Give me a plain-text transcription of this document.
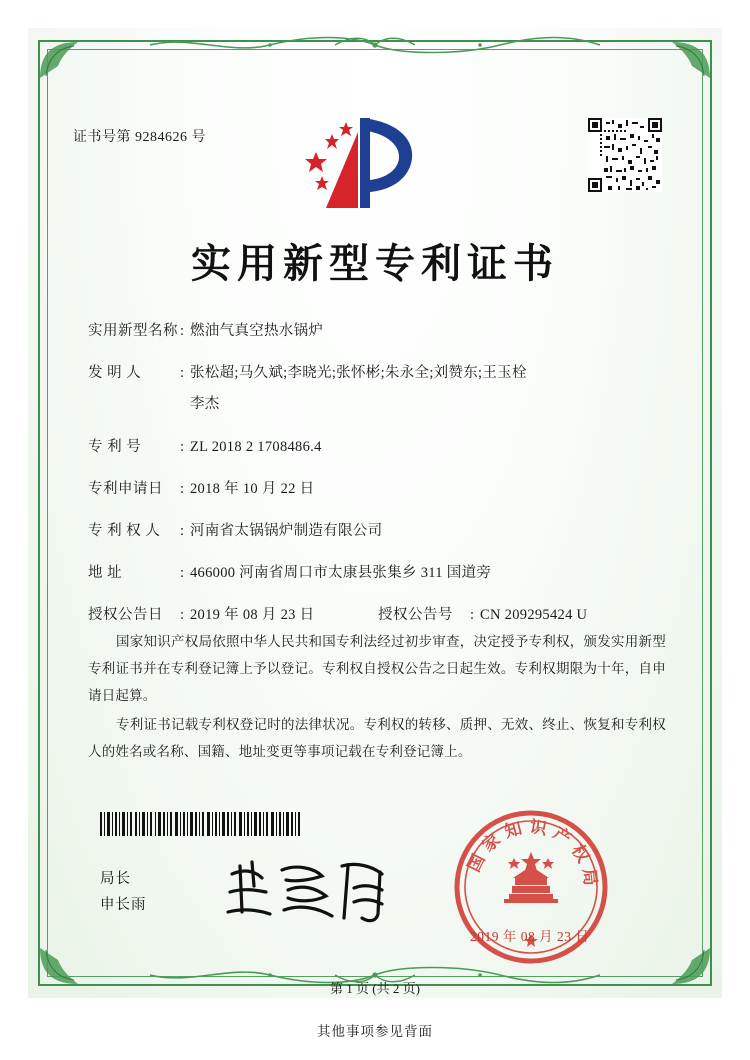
证书号第 9284626 号
实用新型专利证书
实用新型名称 : 燃油气真空热水锅炉
发 明 人	: 张松超;马久斌;李晓光;张怀彬;朱永全;刘赞东;王玉栓

李杰
专 利 号	: ZL 2018 2 1708486.4
专利申请日	: 2018 年 10 月 22 日
专 利 权 人	: 河南省太锅锅炉制造有限公司
地 址	: 466000 河南省周口市太康县张集乡 311 国道旁
授权公告日	: 2019 年 08 月 23 日	授权公告号	: CN 209295424 U

国家知识产权局依照中华人民共和国专利法经过初步审查，决定授予专利权，颁发实用新型专利证书并在专利登记簿上予以登记。专利权自授权公告之日起生效。专利权期限为十年，自申请日起算。

专利证书记载专利权登记时的法律状况。专利权的转移、质押、无效、终止、恢复和专利权人的姓名或名称、国籍、地址变更等事项记载在专利登记簿上。

局长
申长雨
国家知识产权局
2019 年 08 月 23 日
第 1 页 (共 2 页)
其他事项参见背面
